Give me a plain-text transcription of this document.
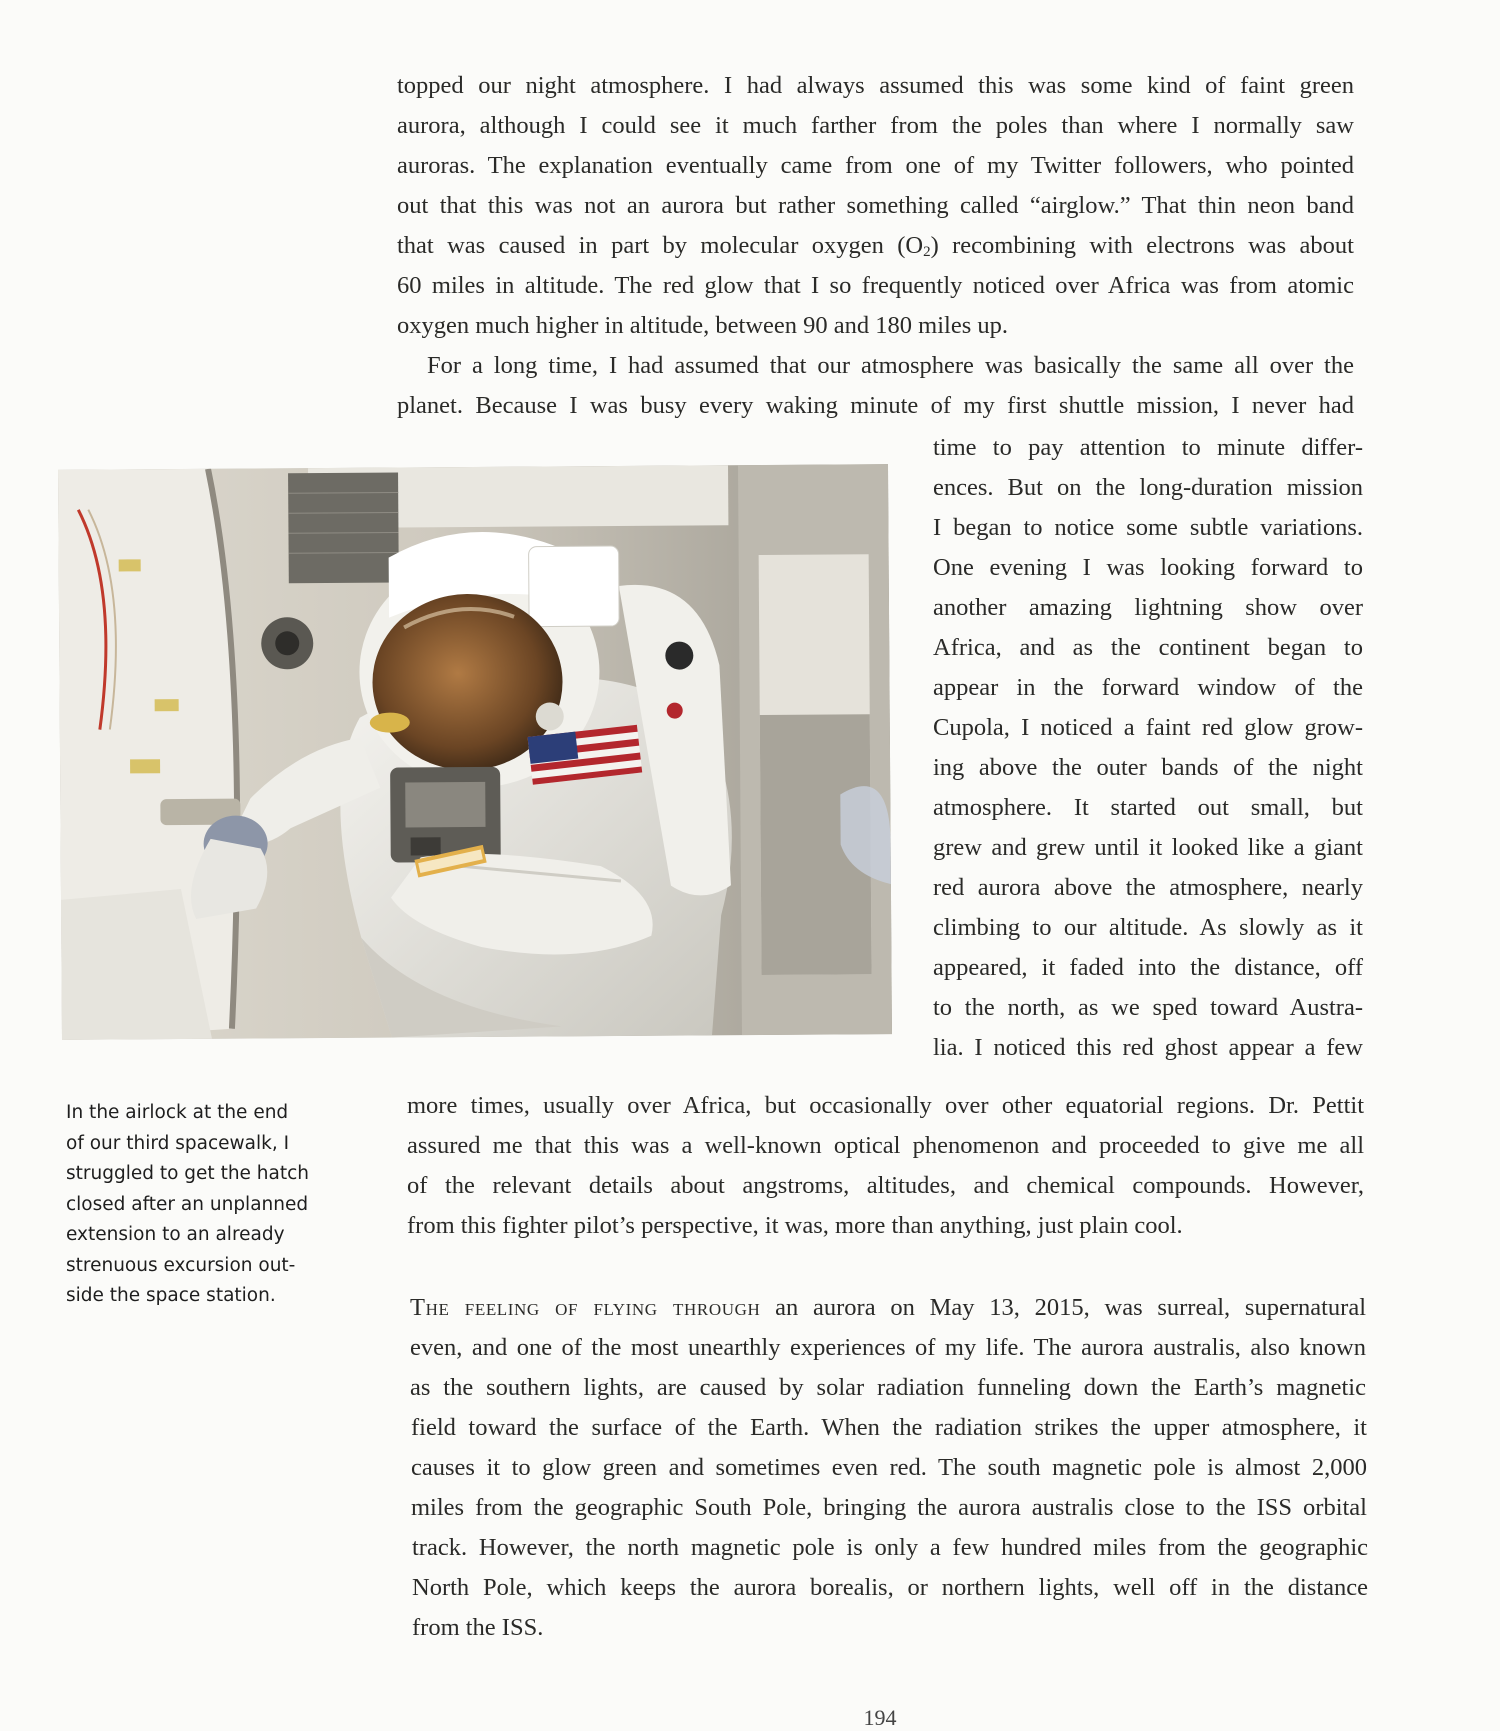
topped our night atmosphere. I had always assumed this was some kind of faint green

aurora, although I could see it much farther from the poles than where I normally saw

auroras. The explanation eventually came from one of my Twitter followers, who pointed

out that this was not an aurora but rather something called “airglow.” That thin neon band

that was caused in part by molecular oxygen $(O_2)$ recombining with electrons was about

60 miles in altitude. The red glow that I so frequently noticed over Africa was from atomic

oxygen much higher in altitude, between 90 and 180 miles up.

For a long time, I had assumed that our atmosphere was basically the same all over the

planet. Because I was busy every waking minute of my first shuttle mission, I never had

time to pay attention to minute differ-

ences. But on the long-duration mission

I began to notice some subtle variations.

One evening I was looking forward to

another amazing lightning show over

Africa, and as the continent began to

appear in the forward window of the

Cupola, I noticed a faint red glow grow-

ing above the outer bands of the night

atmosphere. It started out small, but

grew and grew until it looked like a giant

red aurora above the atmosphere, nearly

climbing to our altitude. As slowly as it

appeared, it faded into the distance, off

to the north, as we sped toward Austra-

lia. I noticed this red ghost appear a few

more times, usually over Africa, but occasionally over other equatorial regions. Dr. Pettit

assured me that this was a well-known optical phenomenon and proceeded to give me all

of the relevant details about angstroms, altitudes, and chemical compounds. However,

from this fighter pilot’s perspective, it was, more than anything, just plain cool.

The feeling of flying through an aurora on May 13, 2015, was surreal, supernatural

even, and one of the most unearthly experiences of my life. The aurora australis, also known

as the southern lights, are caused by solar radiation funneling down the Earth’s magnetic

field toward the surface of the Earth. When the radiation strikes the upper atmosphere, it

causes it to glow green and sometimes even red. The south magnetic pole is almost 2,000

miles from the geographic South Pole, bringing the aurora australis close to the ISS orbital

track. However, the north magnetic pole is only a few hundred miles from the geographic

North Pole, which keeps the aurora borealis, or northern lights, well off in the distance

from the ISS.

In the airlock at the end
of our third spacewalk, I
struggled to get the hatch
closed after an unplanned
extension to an already
strenuous excursion out-
side the space station.
194
